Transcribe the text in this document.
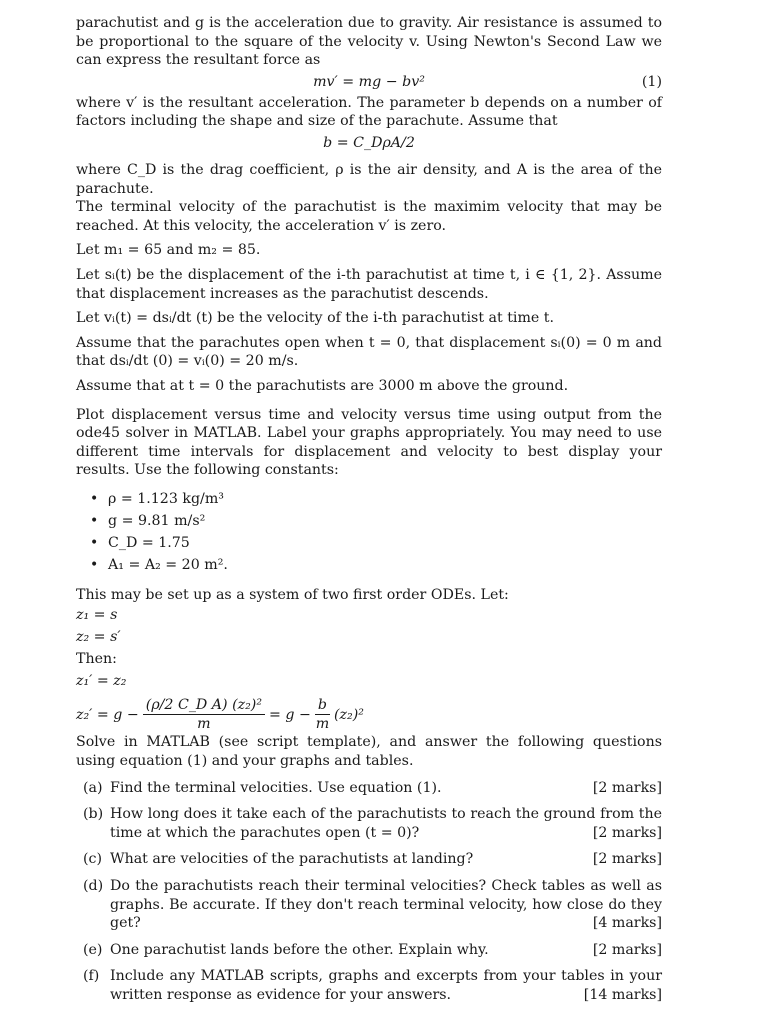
parachutist and g is the acceleration due to gravity. Air resistance is assumed to be proportional to the square of the velocity v. Using Newton's Second Law we can express the resultant force as

mv′ = mg − bv²	(1)

where v′ is the resultant acceleration. The parameter b depends on a number of factors including the shape and size of the parachute. Assume that

b = C_DρA/2

where C_D is the drag coefficient, ρ is the air density, and A is the area of the parachute.

The terminal velocity of the parachutist is the maximim velocity that may be reached. At this velocity, the acceleration v′ is zero.

Let m₁ = 65 and m₂ = 85.

Let sᵢ(t) be the displacement of the i-th parachutist at time t, i ∈ {1, 2}. Assume that displacement increases as the parachutist descends.

Let vᵢ(t) = dsᵢ/dt (t) be the velocity of the i-th parachutist at time t.

Assume that the parachutes open when t = 0, that displacement sᵢ(0) = 0 m and that dsᵢ/dt (0) = vᵢ(0) = 20 m/s.

Assume that at t = 0 the parachutists are 3000 m above the ground.

Plot displacement versus time and velocity versus time using output from the ode45 solver in MATLAB. Label your graphs appropriately. You may need to use different time intervals for displacement and velocity to best display your results. Use the following constants:

• ρ = 1.123 kg/m³
• g = 9.81 m/s²
• C_D = 1.75
• A₁ = A₂ = 20 m².

This may be set up as a system of two first order ODEs. Let:

z₁ = s
z₂ = s′
Then:
z₁′ = z₂
$z_2' = g - \frac{\text{(ρ/2 C\_D A) (z₂)²}}{m} = g - \frac{b}{m} (z_2)^2$

Solve in MATLAB (see script template), and answer the following questions using equation (1) and your graphs and tables.

(a) Find the terminal velocities. Use equation (1).	[2 marks]
(b) How long does it take each of the parachutists to reach the ground from the time at which the parachutes open (t = 0)?	[2 marks]
(c) What are velocities of the parachutists at landing?	[2 marks]
(d) Do the parachutists reach their terminal velocities? Check tables as well as graphs. Be accurate. If they don't reach terminal velocity, how close do they get?	[4 marks]
(e) One parachutist lands before the other. Explain why.	[2 marks]
(f) Include any MATLAB scripts, graphs and excerpts from your tables in your written response as evidence for your answers.	[14 marks]
